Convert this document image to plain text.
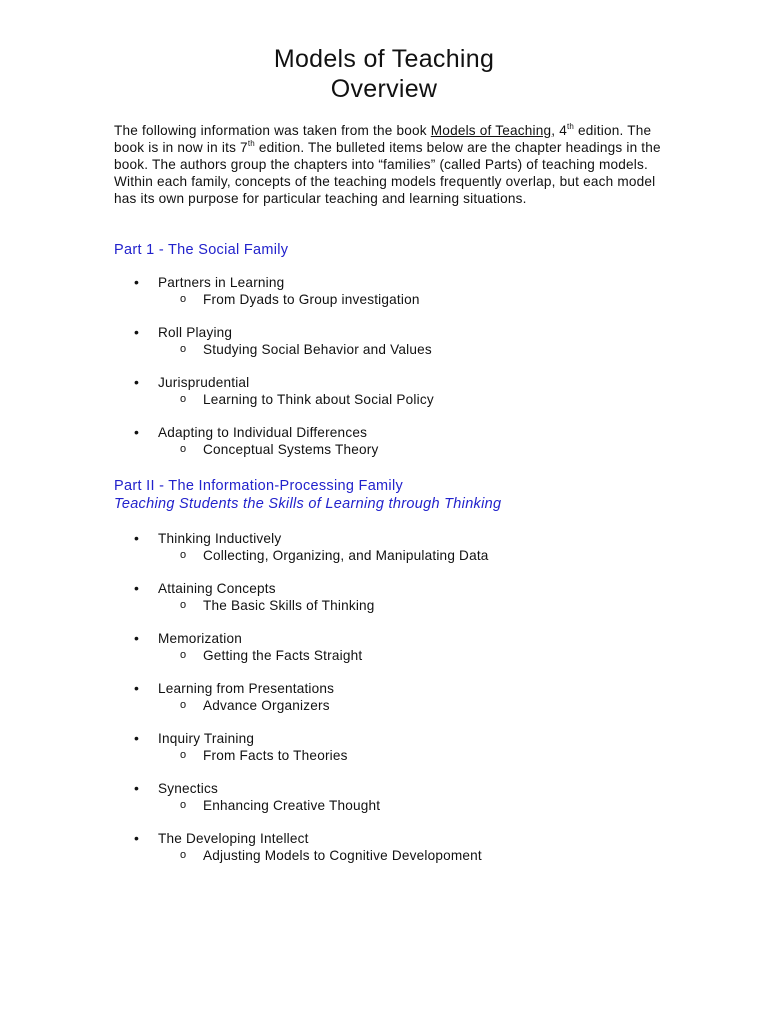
Models of Teaching
Overview
The following information was taken from the book Models of Teaching, 4th edition. The book is in now in its 7th edition. The bulleted items below are the chapter headings in the book. The authors group the chapters into “families” (called Parts) of teaching models. Within each family, concepts of the teaching models frequently overlap, but each model has its own purpose for particular teaching and learning situations.
Part 1 - The Social Family
• Partners in Learning
o From Dyads to Group investigation
• Roll Playing
o Studying Social Behavior and Values
• Jurisprudential
o Learning to Think about Social Policy
• Adapting to Individual Differences
o Conceptual Systems Theory
Part II - The Information-Processing Family
Teaching Students the Skills of Learning through Thinking
• Thinking Inductively
o Collecting, Organizing, and Manipulating Data
• Attaining Concepts
o The Basic Skills of Thinking
• Memorization
o Getting the Facts Straight
• Learning from Presentations
o Advance Organizers
• Inquiry Training
o From Facts to Theories
• Synectics
o Enhancing Creative Thought
• The Developing Intellect
o Adjusting Models to Cognitive Developoment
